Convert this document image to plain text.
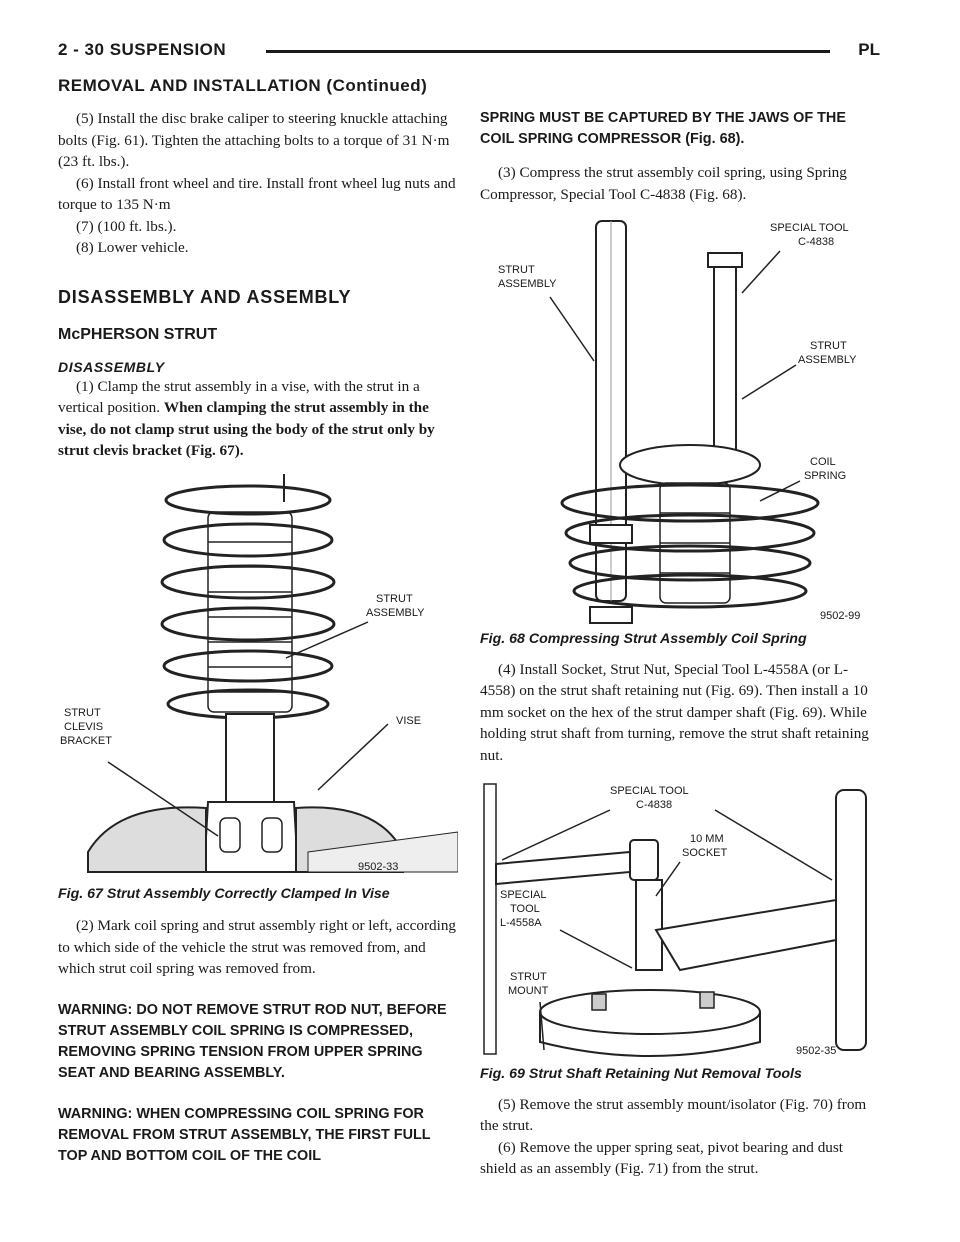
2 - 30 SUSPENSION	PL
REMOVAL AND INSTALLATION (Continued)

(5) Install the disc brake caliper to steering knuckle attaching bolts (Fig. 61). Tighten the attaching bolts to a torque of 31 N·m (23 ft. lbs.).

(6) Install front wheel and tire. Install front wheel lug nuts and torque to 135 N·m

(7) (100 ft. lbs.).

(8) Lower vehicle.

DISASSEMBLY AND ASSEMBLY

McPHERSON STRUT

DISASSEMBLY

(1) Clamp the strut assembly in a vise, with the strut in a vertical position. When clamping the strut assembly in the vise, do not clamp strut using the body of the strut only by strut clevis bracket (Fig. 67).

STRUT
ASSEMBLY
VISE
STRUT
CLEVIS
BRACKET
9502-33

Fig. 67 Strut Assembly Correctly Clamped In Vise

(2) Mark coil spring and strut assembly right or left, according to which side of the vehicle the strut was removed from, and which strut coil spring was removed from.

WARNING: DO NOT REMOVE STRUT ROD NUT, BEFORE STRUT ASSEMBLY COIL SPRING IS COMPRESSED, REMOVING SPRING TENSION FROM UPPER SPRING SEAT AND BEARING ASSEMBLY.

WARNING: WHEN COMPRESSING COIL SPRING FOR REMOVAL FROM STRUT ASSEMBLY, THE FIRST FULL TOP AND BOTTOM COIL OF THE COIL

SPRING MUST BE CAPTURED BY THE JAWS OF THE COIL SPRING COMPRESSOR (Fig. 68).

(3) Compress the strut assembly coil spring, using Spring Compressor, Special Tool C-4838 (Fig. 68).

STRUT
ASSEMBLY
SPECIAL TOOL
C-4838
STRUT
ASSEMBLY
COIL
SPRING
9502-99

Fig. 68 Compressing Strut Assembly Coil Spring

(4) Install Socket, Strut Nut, Special Tool L-4558A (or L-4558) on the strut shaft retaining nut (Fig. 69). Then install a 10 mm socket on the hex of the strut damper shaft (Fig. 69). While holding strut shaft from turning, remove the strut shaft retaining nut.

SPECIAL TOOL
C-4838
10 MM
SOCKET
SPECIAL
TOOL
L-4558A
STRUT
MOUNT
9502-35

Fig. 69 Strut Shaft Retaining Nut Removal Tools

(5) Remove the strut assembly mount/isolator (Fig. 70) from the strut.

(6) Remove the upper spring seat, pivot bearing and dust shield as an assembly (Fig. 71) from the strut.
